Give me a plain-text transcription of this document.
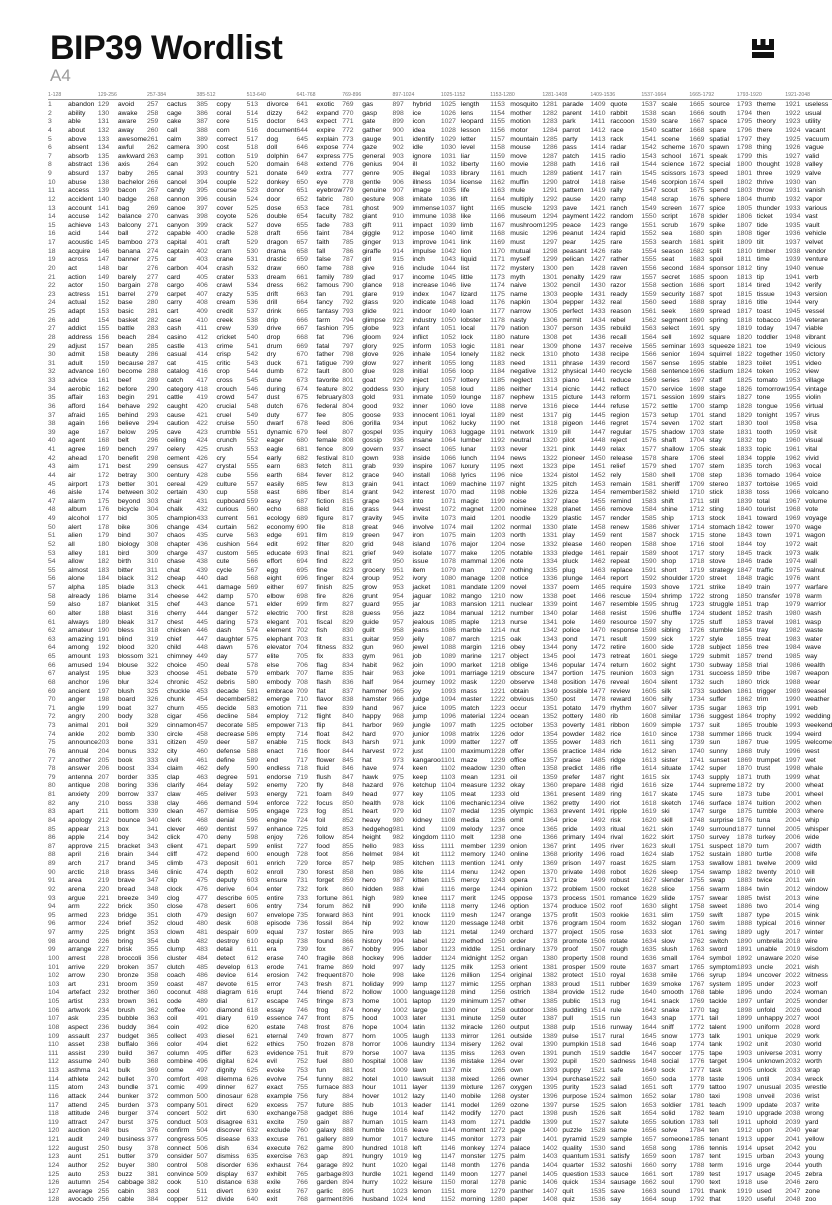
BIP39 Wordlist
A4
1-128
1	abandon
2	ability
3	able
4	about
5	above
6	absent
7	absorb
8	abstract
9	absurd
10	abuse
11	access
12	accident
13	account
14	accuse
15	achieve
16	acid
17	acoustic
18	acquire
19	across
20	act
21	action
22	actor
23	actress
24	actual
25	adapt
26	add
27	addict
28	address
29	adjust
30	admit
31	adult
32	advance
33	advice
34	aerobic
35	affair
36	afford
37	afraid
38	again
39	age
40	agent
41	agree
42	ahead
43	aim
44	air
45	airport
46	aisle
47	alarm
48	album
49	alcohol
50	alert
51	alien
52	all
53	alley
54	allow
55	almost
56	alone
57	alpha
58	already
59	also
60	alter
61	always
62	amateur
63	amazing
64	among
65	amount
66	amused
67	analyst
68	anchor
69	ancient
70	anger
71	angle
72	angry
73	animal
74	ankle
75	announce
76	annual
77	another
78	answer
79	antenna
80	antique
81	anxiety
82	any
83	apart
84	apology
85	appear
86	apple
87	approve
88	april
89	arch
90	arctic
91	area
92	arena
93	argue
94	arm
95	armed
96	armor
97	army
98	around
99	arrange
100	arrest
101	arrive
102	arrow
103	art
104	artefact
105	artist
106	artwork
107	ask
108	aspect
109	assault
110	asset
111	assist
112	assume
113	asthma
114	athlete
115	atom
116	attack
117	attend
118	attitude
119	attract
120	auction
121	audit
122	august
123	aunt
124	author
125	auto
126	autumn
127	average
128	avocado
129-256
129	avoid
130	awake
131	aware
132	away
133	awesome
134	awful
135	awkward
136	axis
137	baby
138	bachelor
139	bacon
140	badge
141	bag
142	balance
143	balcony
144	ball
145	bamboo
146	banana
147	banner
148	bar
149	barely
150	bargain
151	barrel
152	base
153	basic
154	basket
155	battle
156	beach
157	bean
158	beauty
159	because
160	become
161	beef
162	before
163	begin
164	behave
165	behind
166	believe
167	below
168	belt
169	bench
170	benefit
171	best
172	betray
173	better
174	between
175	beyond
176	bicycle
177	bid
178	bike
179	bind
180	biology
181	bird
182	birth
183	bitter
184	black
185	blade
186	blame
187	blanket
188	blast
189	bleak
190	bless
191	blind
192	blood
193	blossom
194	blouse
195	blue
196	blur
197	blush
198	board
199	boat
200	body
201	boil
202	bomb
203	bone
204	bonus
205	book
206	boost
207	border
208	boring
209	borrow
210	boss
211	bottom
212	bounce
213	box
214	boy
215	bracket
216	brain
217	brand
218	brass
219	brave
220	bread
221	breeze
222	brick
223	bridge
224	brief
225	bright
226	bring
227	brisk
228	broccoli
229	broken
230	bronze
231	broom
232	brother
233	brown
234	brush
235	bubble
236	buddy
237	budget
238	buffalo
239	build
240	bulb
241	bulk
242	bullet
243	bundle
244	bunker
245	burden
246	burger
247	burst
248	bus
249	business
250	busy
251	butter
252	buyer
253	buzz
254	cabbage
255	cabin
256	cable
257-384
257	cactus
258	cage
259	cake
260	call
261	calm
262	camera
263	camp
264	can
265	canal
266	cancel
267	candy
268	cannon
269	canoe
270	canvas
271	canyon
272	capable
273	capital
274	captain
275	car
276	carbon
277	card
278	cargo
279	carpet
280	carry
281	cart
282	case
283	cash
284	casino
285	castle
286	casual
287	cat
288	catalog
289	catch
290	category
291	cattle
292	caught
293	cause
294	caution
295	cave
296	ceiling
297	celery
298	cement
299	census
300	century
301	cereal
302	certain
303	chair
304	chalk
305	champion
306	change
307	chaos
308	chapter
309	charge
310	chase
311	chat
312	cheap
313	check
314	cheese
315	chef
316	cherry
317	chest
318	chicken
319	chief
320	child
321	chimney
322	choice
323	choose
324	chronic
325	chuckle
326	chunk
327	churn
328	cigar
329	cinnamon
330	circle
331	citizen
332	city
333	civil
334	claim
335	clap
336	clarify
337	claw
338	clay
339	clean
340	clerk
341	clever
342	click
343	client
344	cliff
345	climb
346	clinic
347	clip
348	clock
349	clog
350	close
351	cloth
352	cloud
353	clown
354	club
355	clump
356	cluster
357	clutch
358	coach
359	coast
360	coconut
361	code
362	coffee
363	coil
364	coin
365	collect
366	color
367	column
368	combine
369	come
370	comfort
371	comic
372	common
373	company
374	concert
375	conduct
376	confirm
377	congress
378	connect
379	consider
380	control
381	convince
382	cook
383	cool
384	copper
385-512
385	copy
386	coral
387	core
388	corn
389	correct
390	cost
391	cotton
392	couch
393	country
394	couple
395	course
396	cousin
397	cover
398	coyote
399	crack
400	cradle
401	craft
402	cram
403	crane
404	crash
405	crater
406	crawl
407	crazy
408	cream
409	credit
410	creek
411	crew
412	cricket
413	crime
414	crisp
415	critic
416	crop
417	cross
418	crouch
419	crowd
420	crucial
421	cruel
422	cruise
423	crumble
424	crunch
425	crush
426	cry
427	crystal
428	cube
429	culture
430	cup
431	cupboard
432	curious
433	current
434	curtain
435	curve
436	cushion
437	custom
438	cute
439	cycle
440	dad
441	damage
442	damp
443	dance
444	danger
445	daring
446	dash
447	daughter
448	dawn
449	day
450	deal
451	debate
452	debris
453	decade
454	december
455	decide
456	decline
457	decorate
458	decrease
459	deer
460	defense
461	define
462	defy
463	degree
464	delay
465	deliver
466	demand
467	demise
468	denial
469	dentist
470	deny
471	depart
472	depend
473	deposit
474	depth
475	deputy
476	derive
477	describe
478	desert
479	design
480	desk
481	despair
482	destroy
483	detail
484	detect
485	develop
486	device
487	devote
488	diagram
489	dial
490	diamond
491	diary
492	dice
493	diesel
494	diet
495	differ
496	digital
497	dignity
498	dilemma
499	dinner
500	dinosaur
501	direct
502	dirt
503	disagree
504	discover
505	disease
506	dish
507	dismiss
508	disorder
509	display
510	distance
511	divert
512	divide
513-640
513	divorce
514	dizzy
515	doctor
516	document
517	dog
518	doll
519	dolphin
520	domain
521	donate
522	donkey
523	donor
524	door
525	dose
526	double
527	dove
528	draft
529	dragon
530	drama
531	drastic
532	draw
533	dream
534	dress
535	drift
536	drill
537	drink
538	drip
539	drive
540	drop
541	drum
542	dry
543	duck
544	dumb
545	dune
546	during
547	dust
548	dutch
549	duty
550	dwarf
551	dynamic
552	eager
553	eagle
554	early
555	earn
556	earth
557	easily
558	east
559	easy
560	echo
561	ecology
562	economy
563	edge
564	edit
565	educate
566	effort
567	egg
568	eight
569	either
570	elbow
571	elder
572	electric
573	elegant
574	element
575	elephant
576	elevator
577	elite
578	else
579	embark
580	embody
581	embrace
582	emerge
583	emotion
584	employ
585	empower
586	empty
587	enable
588	enact
589	end
590	endless
591	endorse
592	enemy
593	energy
594	enforce
595	engage
596	engine
597	enhance
598	enjoy
599	enlist
600	enough
601	enrich
602	enroll
603	ensure
604	enter
605	entire
606	entry
607	envelope
608	episode
609	equal
610	equip
611	era
612	erase
613	erode
614	erosion
615	error
616	erupt
617	escape
618	essay
619	essence
620	estate
621	eternal
622	ethics
623	evidence
624	evil
625	evoke
626	evolve
627	exact
628	example
629	excess
630	exchange
631	excite
632	exclude
633	excuse
634	execute
635	exercise
636	exhaust
637	exhibit
638	exile
639	exist
640	exit
641-768
641	exotic
642	expand
643	expect
644	expire
645	explain
646	expose
647	express
648	extend
649	extra
650	eye
651	eyebrow
652	fabric
653	face
654	faculty
655	fade
656	faint
657	faith
658	fall
659	false
660	fame
661	family
662	famous
663	fan
664	fancy
665	fantasy
666	farm
667	fashion
668	fat
669	fatal
670	father
671	fatigue
672	fault
673	favorite
674	feature
675	february
676	federal
677	fee
678	feed
679	feel
680	female
681	fence
682	festival
683	fetch
684	fever
685	few
686	fiber
687	fiction
688	field
689	figure
690	file
691	film
692	filter
693	final
694	find
695	fine
696	finger
697	finish
698	fire
699	firm
700	first
701	fiscal
702	fish
703	fit
704	fitness
705	fix
706	flag
707	flame
708	flash
709	flat
710	flavor
711	flee
712	flight
713	flip
714	float
715	flock
716	floor
717	flower
718	fluid
719	flush
720	fly
721	foam
722	focus
723	fog
724	foil
725	fold
726	follow
727	food
728	foot
729	force
730	forest
731	forget
732	fork
733	fortune
734	forum
735	forward
736	fossil
737	foster
738	found
739	fox
740	fragile
741	frame
742	frequent
743	fresh
744	friend
745	fringe
746	frog
747	front
748	frost
749	frown
750	frozen
751	fruit
752	fuel
753	fun
754	funny
755	furnace
756	fury
757	future
758	gadget
759	gain
760	galaxy
761	gallery
762	game
763	gap
764	garage
765	garbage
766	garden
767	garlic
768	garment
769-896
769	gas
770	gasp
771	gate
772	gather
773	gauge
774	gaze
775	general
776	genius
777	genre
778	gentle
779	genuine
780	gesture
781	ghost
782	giant
783	gift
784	giggle
785	ginger
786	giraffe
787	girl
788	give
789	glad
790	glance
791	glare
792	glass
793	glide
794	glimpse
795	globe
796	gloom
797	glory
798	glove
799	glow
800	glue
801	goat
802	goddess
803	gold
804	good
805	goose
806	gorilla
807	gospel
808	gossip
809	govern
810	gown
811	grab
812	grace
813	grain
814	grant
815	grape
816	grass
817	gravity
818	great
819	green
820	grid
821	grief
822	grit
823	grocery
824	group
825	grow
826	grunt
827	guard
828	guess
829	guide
830	guilt
831	guitar
832	gun
833	gym
834	habit
835	hair
836	half
837	hammer
838	hamster
839	hand
840	happy
841	harbor
842	hard
843	harsh
844	harvest
845	hat
846	have
847	hawk
848	hazard
849	head
850	health
851	heart
852	heavy
853	hedgehog
854	height
855	hello
856	helmet
857	help
858	hen
859	hero
860	hidden
861	high
862	hill
863	hint
864	hip
865	hire
866	history
867	hobby
868	hockey
869	hold
870	hole
871	holiday
872	hollow
873	home
874	honey
875	hood
876	hope
877	horn
878	horror
879	horse
880	hospital
881	host
882	hotel
883	hour
884	hover
885	hub
886	huge
887	human
888	humble
889	humor
890	hundred
891	hungry
892	hunt
893	hurdle
894	hurry
895	hurt
896	husband
897-1024
897	hybrid
898	ice
899	icon
900	idea
901	identify
902	idle
903	ignore
904	ill
905	illegal
906	illness
907	image
908	imitate
909	immense
910	immune
911	impact
912	impose
913	improve
914	impulse
915	inch
916	include
917	income
918	increase
919	index
920	indicate
921	indoor
922	industry
923	infant
924	inflict
925	inform
926	inhale
927	inherit
928	initial
929	inject
930	injury
931	inmate
932	inner
933	innocent
934	input
935	inquiry
936	insane
937	insect
938	inside
939	inspire
940	install
941	intact
942	interest
943	into
944	invest
945	invite
946	involve
947	iron
948	island
949	isolate
950	issue
951	item
952	ivory
953	jacket
954	jaguar
955	jar
956	jazz
957	jealous
958	jeans
959	jelly
960	jewel
961	job
962	join
963	joke
964	journey
965	joy
966	judge
967	juice
968	jump
969	jungle
970	junior
971	junk
972	just
973	kangaroo
974	keen
975	keep
976	ketchup
977	key
978	kick
979	kid
980	kidney
981	kind
982	kingdom
983	kiss
984	kit
985	kitchen
986	kite
987	kitten
988	kiwi
989	knee
990	knife
991	knock
992	know
993	lab
994	label
995	labor
996	ladder
997	lady
998	lake
999	lamp
1000 language
1001 laptop
1002 large
1003 later
1004 latin
1005 laugh
1006 laundry
1007 lava
1008 law
1009 lawn
1010 lawsuit
1011 layer
1012 lazy
1013 leader
1014 leaf
1015 learn
1016 leave
1017 lecture
1018 left
1019 leg
1020 legal
1021 legend
1022 leisure
1023 lemon
1024 lend
1025-1152
1025 length
1026 lens
1027 leopard
1028 lesson
1029 letter
1030 level
1031 liar
1032 liberty
1033 library
1034 license
1035 life
1036 lift
1037 light
1038 like
1039 limb
1040 limit
1041 link
1042 lion
1043 liquid
1044 list
1045 little
1046 live
1047 lizard
1048 load
1049 loan
1050 lobster
1051 local
1052 lock
1053 logic
1054 lonely
1055 long
1056 loop
1057 lottery
1058 loud
1059 lounge
1060 love
1061 loyal
1062 lucky
1063 luggage
1064 lumber
1065 lunar
1066 lunch
1067 luxury
1068 lyrics
1069 machine
1070 mad
1071 magic
1072 magnet
1073 maid
1074 mail
1075 main
1076 major
1077 make
1078 mammal
1079 man
1080 manage
1081 mandate
1082 mango
1083 mansion
1084 manual
1085 maple
1086 marble
1087 march
1088 margin
1089 marine
1090 market
1091 marriage
1092 mask
1093 mass
1094 master
1095 match
1096 material
1097 math
1098 matrix
1099 matter
1100 maximum
1101 maze
1102 meadow
1103 mean
1104 measure
1105 meat
1106 mechanic
1107 medal
1108 media
1109 melody
1110 melt
1111 member
1112 memory
1113 mention
1114 menu
1115 mercy
1116 merge
1117 merit
1118 merry
1119 mesh
1120 message
1121 metal
1122 method
1123 middle
1124 midnight
1125 milk
1126 million
1127 mimic
1128 mind
1129 minimum
1130 minor
1131 minute
1132 miracle
1133 mirror
1134 misery
1135 miss
1136 mistake
1137 mix
1138 mixed
1139 mixture
1140 mobile
1141 model
1142 modify
1143 mom
1144 moment
1145 monitor
1146 monkey
1147 monster
1148 month
1149 moon
1150 moral
1151 more
1152 morning
1153-1280
1153 mosquito
1154 mother
1155 motion
1156 motor
1157 mountain
1158 mouse
1159 move
1160 movie
1161 much
1162 muffin
1163 mule
1164 multiply
1165 muscle
1166 museum
1167 mushroom
1168 music
1169 must
1170 mutual
1171 myself
1172 mystery
1173 myth
1174 naive
1175 name
1176 napkin
1177 narrow
1178 nasty
1179 nation
1180 nature
1181 near
1182 neck
1183 need
1184 negative
1185 neglect
1186 neither
1187 nephew
1188 nerve
1189 nest
1190 net
1191 network
1192 neutral
1193 never
1194 news
1195 next
1196 nice
1197 night
1198 noble
1199 noise
1200 nominee
1201 noodle
1202 normal
1203 north
1204 nose
1205 notable
1206 note
1207 nothing
1208 notice
1209 novel
1210 now
1211 nuclear
1212 number
1213 nurse
1214 nut
1215 oak
1216 obey
1217 object
1218 oblige
1219 obscure
1220 observe
1221 obtain
1222 obvious
1223 occur
1224 ocean
1225 october
1226 odor
1227 off
1228 offer
1229 office
1230 often
1231 oil
1232 okay
1233 old
1234 olive
1235 olympic
1236 omit
1237 once
1238 one
1239 onion
1240 online
1241 only
1242 open
1243 opera
1244 opinion
1245 oppose
1246 option
1247 orange
1248 orbit
1249 orchard
1250 order
1251 ordinary
1252 organ
1253 orient
1254 original
1255 orphan
1256 ostrich
1257 other
1258 outdoor
1259 outer
1260 output
1261 outside
1262 oval
1263 oven
1264 over
1265 own
1266 owner
1267 oxygen
1268 oyster
1269 ozone
1270 pact
1271 paddle
1272 page
1273 pair
1274 palace
1275 palm
1276 panda
1277 panel
1278 panic
1279 panther
1280 paper
1281-1408
1281 parade
1282 parent
1283 park
1284 parrot
1285 party
1286 pass
1287 patch
1288 path
1289 patient
1290 patrol
1291 pattern
1292 pause
1293 pave
1294 payment
1295 peace
1296 peanut
1297 pear
1298 peasant
1299 pelican
1300 pen
1301 penalty
1302 pencil
1303 people
1304 pepper
1305 perfect
1306 permit
1307 person
1308 pet
1309 phone
1310 photo
1311 phrase
1312 physical
1313 piano
1314 picnic
1315 picture
1316 piece
1317 pig
1318 pigeon
1319 pill
1320 pilot
1321 pink
1322 pioneer
1323 pipe
1324 pistol
1325 pitch
1326 pizza
1327 place
1328 planet
1329 plastic
1330 plate
1331 play
1332 please
1333 pledge
1334 pluck
1335 plug
1336 plunge
1337 poem
1338 poet
1339 point
1340 polar
1341 pole
1342 police
1343 pond
1344 pony
1345 pool
1346 popular
1347 portion
1348 position
1349 possible
1350 post
1351 potato
1352 pottery
1353 poverty
1354 powder
1355 power
1356 practice
1357 praise
1358 predict
1359 prefer
1360 prepare
1361 present
1362 pretty
1363 prevent
1364 price
1365 pride
1366 primary
1367 print
1368 priority
1369 prison
1370 private
1371 prize
1372 problem
1373 process
1374 produce
1375 profit
1376 program
1377 project
1378 promote
1379 proof
1380 property
1381 prosper
1382 protect
1383 proud
1384 provide
1385 public
1386 pudding
1387 pull
1388 pulp
1389 pulse
1390 pumpkin
1391 punch
1392 pupil
1393 puppy
1394 purchase
1395 purity
1396 purpose
1397 purse
1398 push
1399 put
1400 puzzle
1401 pyramid
1402 quality
1403 quantum
1404 quarter
1405 question
1406 quick
1407 quit
1408 quiz
1409-1536
1409 quote
1410 rabbit
1411 raccoon
1412 race
1413 rack
1414 radar
1415 radio
1416 rail
1417 rain
1418 raise
1419 rally
1420 ramp
1421 ranch
1422 random
1423 range
1424 rapid
1425 rare
1426 rate
1427 rather
1428 raven
1429 raw
1430 razor
1431 ready
1432 real
1433 reason
1434 rebel
1435 rebuild
1436 recall
1437 receive
1438 recipe
1439 record
1440 recycle
1441 reduce
1442 reflect
1443 reform
1444 refuse
1445 region
1446 regret
1447 regular
1448 reject
1449 relax
1450 release
1451 relief
1452 rely
1453 remain
1454 remember
1455 remind
1456 remove
1457 render
1458 renew
1459 rent
1460 reopen
1461 repair
1462 repeat
1463 replace
1464 report
1465 require
1466 rescue
1467 resemble
1468 resist
1469 resource
1470 response
1471 result
1472 retire
1473 retreat
1474 return
1475 reunion
1476 reveal
1477 review
1478 reward
1479 rhythm
1480 rib
1481 ribbon
1482 rice
1483 rich
1484 ride
1485 ridge
1486 rifle
1487 right
1488 rigid
1489 ring
1490 riot
1491 ripple
1492 risk
1493 ritual
1494 rival
1495 river
1496 road
1497 roast
1498 robot
1499 robust
1500 rocket
1501 romance
1502 roof
1503 rookie
1504 room
1505 rose
1506 rotate
1507 rough
1508 round
1509 route
1510 royal
1511 rubber
1512 rude
1513 rug
1514 rule
1515 run
1516 runway
1517 rural
1518 sad
1519 saddle
1520 sadness
1521 safe
1522 sail
1523 salad
1524 salmon
1525 salon
1526 salt
1527 salute
1528 same
1529 sample
1530 sand
1531 satisfy
1532 satoshi
1533 sauce
1534 sausage
1535 save
1536 say
1537-1664
1537 scale
1538 scan
1539 scare
1540 scatter
1541 scene
1542 scheme
1543 school
1544 science
1545 scissors
1546 scorpion
1547 scout
1548 scrap
1549 screen
1550 script
1551 scrub
1552 sea
1553 search
1554 season
1555 seat
1556 second
1557 secret
1558 section
1559 security
1560 seed
1561 seek
1562 segment
1563 select
1564 sell
1565 seminar
1566 senior
1567 sense
1568 sentence
1569 series
1570 service
1571 session
1572 settle
1573 setup
1574 seven
1575 shadow
1576 shaft
1577 shallow
1578 share
1579 shed
1580 shell
1581 sheriff
1582 shield
1583 shift
1584 shine
1585 ship
1586 shiver
1587 shock
1588 shoe
1589 shoot
1590 shop
1591 short
1592 shoulder
1593 shove
1594 shrimp
1595 shrug
1596 shuffle
1597 shy
1598 sibling
1599 sick
1600 side
1601 siege
1602 sight
1603 sign
1604 silent
1605 silk
1606 silly
1607 silver
1608 similar
1609 simple
1610 since
1611 sing
1612 siren
1613 sister
1614 situate
1615 six
1616 size
1617 skate
1618 sketch
1619 ski
1620 skill
1621 skin
1622 skirt
1623 skull
1624 slab
1625 slam
1626 sleep
1627 slender
1628 slice
1629 slide
1630 slight
1631 slim
1632 slogan
1633 slot
1634 slow
1635 slush
1636 small
1637 smart
1638 smile
1639 smoke
1640 smooth
1641 snack
1642 snake
1643 snap
1644 sniff
1645 snow
1646 soap
1647 soccer
1648 social
1649 sock
1650 soda
1651 soft
1652 solar
1653 soldier
1654 solid
1655 solution
1656 solve
1657 someone
1658 song
1659 soon
1660 sorry
1661 sort
1662 soul
1663 sound
1664 soup
1665-1792
1665 source
1666 south
1667 space
1668 spare
1669 spatial
1670 spawn
1671 speak
1672 special
1673 speed
1674 spell
1675 spend
1676 sphere
1677 spice
1678 spider
1679 spike
1680 spin
1681 spirit
1682 split
1683 spoil
1684 sponsor
1685 spoon
1686 sport
1687 spot
1688 spray
1689 spread
1690 spring
1691 spy
1692 square
1693 squeeze
1694 squirrel
1695 stable
1696 stadium
1697 staff
1698 stage
1699 stairs
1700 stamp
1701 stand
1702 start
1703 state
1704 stay
1705 steak
1706 steel
1707 stem
1708 step
1709 stereo
1710 stick
1711 still
1712 sting
1713 stock
1714 stomach
1715 stone
1716 stool
1717 story
1718 stove
1719 strategy
1720 street
1721 strike
1722 strong
1723 struggle
1724 student
1725 stuff
1726 stumble
1727 style
1728 subject
1729 submit
1730 subway
1731 success
1732 such
1733 sudden
1734 suffer
1735 sugar
1736 suggest
1737 suit
1738 summer
1739 sun
1740 sunny
1741 sunset
1742 super
1743 supply
1744 supreme
1745 sure
1746 surface
1747 surge
1748 surprise
1749 surround
1750 survey
1751 suspect
1752 sustain
1753 swallow
1754 swamp
1755 swap
1756 swarm
1757 swear
1758 sweet
1759 swift
1760 swim
1761 swing
1762 switch
1763 sword
1764 symbol
1765 symptom
1766 syrup
1767 system
1768 table
1769 tackle
1770 tag
1771 tail
1772 talent
1773 talk
1774 tank
1775 tape
1776 target
1777 task
1778 taste
1779 tattoo
1780 taxi
1781 teach
1782 team
1783 tell
1784 ten
1785 tenant
1786 tennis
1787 tent
1788 term
1789 test
1790 text
1791 thank
1792 that
1793-1920
1793 theme
1794 then
1795 theory
1796 there
1797 they
1798 thing
1799 this
1800 thought
1801 three
1802 thrive
1803 throw
1804 thumb
1805 thunder
1806 ticket
1807 tide
1808 tiger
1809 tilt
1810 timber
1811 time
1812 tiny
1813 tip
1814 tired
1815 tissue
1816 title
1817 toast
1818 tobacco
1819 today
1820 toddler
1821 toe
1822 together
1823 toilet
1824 token
1825 tomato
1826 tomorrow
1827 tone
1828 tongue
1829 tonight
1830 tool
1831 tooth
1832 top
1833 topic
1834 topple
1835 torch
1836 tornado
1837 tortoise
1838 toss
1839 total
1840 tourist
1841 toward
1842 tower
1843 town
1844 toy
1845 track
1846 trade
1847 traffic
1848 tragic
1849 train
1850 transfer
1851 trap
1852 trash
1853 travel
1854 tray
1855 treat
1856 tree
1857 trend
1858 trial
1859 tribe
1860 trick
1861 trigger
1862 trim
1863 trip
1864 trophy
1865 trouble
1866 truck
1867 true
1868 truly
1869 trumpet
1870 trust
1871 truth
1872 try
1873 tube
1874 tuition
1875 tumble
1876 tuna
1877 tunnel
1878 turkey
1879 turn
1880 turtle
1881 twelve
1882 twenty
1883 twice
1884 twin
1885 twist
1886 two
1887 type
1888 typical
1889 ugly
1890 umbrella
1891 unable
1892 unaware
1893 uncle
1894 uncover
1895 under
1896 undo
1897 unfair
1898 unfold
1899 unhappy
1900 uniform
1901 unique
1902 unit
1903 universe
1904 unknown
1905 unlock
1906 until
1907 unusual
1908 unveil
1909 update
1910 upgrade
1911 uphold
1912 upon
1913 upper
1914 upset
1915 urban
1916 urge
1917 usage
1918 use
1919 used
1920 useful
1921-2048
1921 useless
1922 usual
1923 utility
1924 vacant
1925 vacuum
1926 vague
1927 valid
1928 valley
1929 valve
1930 van
1931 vanish
1932 vapor
1933 various
1934 vast
1935 vault
1936 vehicle
1937 velvet
1938 vendor
1939 venture
1940 venue
1941 verb
1942 verify
1943 version
1944 very
1945 vessel
1946 veteran
1947 viable
1948 vibrant
1949 vicious
1950 victory
1951 video
1952 view
1953 village
1954 vintage
1955 violin
1956 virtual
1957 virus
1958 visa
1959 visit
1960 visual
1961 vital
1962 vivid
1963 vocal
1964 voice
1965 void
1966 volcano
1967 volume
1968 vote
1969 voyage
1970 wage
1971 wagon
1972 wait
1973 walk
1974 wall
1975 walnut
1976 want
1977 warfare
1978 warm
1979 warrior
1980 wash
1981 wasp
1982 waste
1983 water
1984 wave
1985 way
1986 wealth
1987 weapon
1988 wear
1989 weasel
1990 weather
1991 web
1992 wedding
1993 weekend
1994 weird
1995 welcome
1996 west
1997 wet
1998 whale
1999 what
2000 wheat
2001 wheel
2002 when
2003 where
2004 whip
2005 whisper
2006 wide
2007 width
2008 wife
2009 wild
2010 will
2011 win
2012 window
2013 wine
2014 wing
2015 wink
2016 winner
2017 winter
2018 wire
2019 wisdom
2020 wise
2021 wish
2022 witness
2023 wolf
2024 woman
2025 wonder
2026 wood
2027 wool
2028 word
2029 work
2030 world
2031 worry
2032 worth
2033 wrap
2034 wreck
2035 wrestle
2036 wrist
2037 write
2038 wrong
2039 yard
2040 year
2041 yellow
2042 you
2043 young
2044 youth
2045 zebra
2046 zero
2047 zone
2048 zoo
